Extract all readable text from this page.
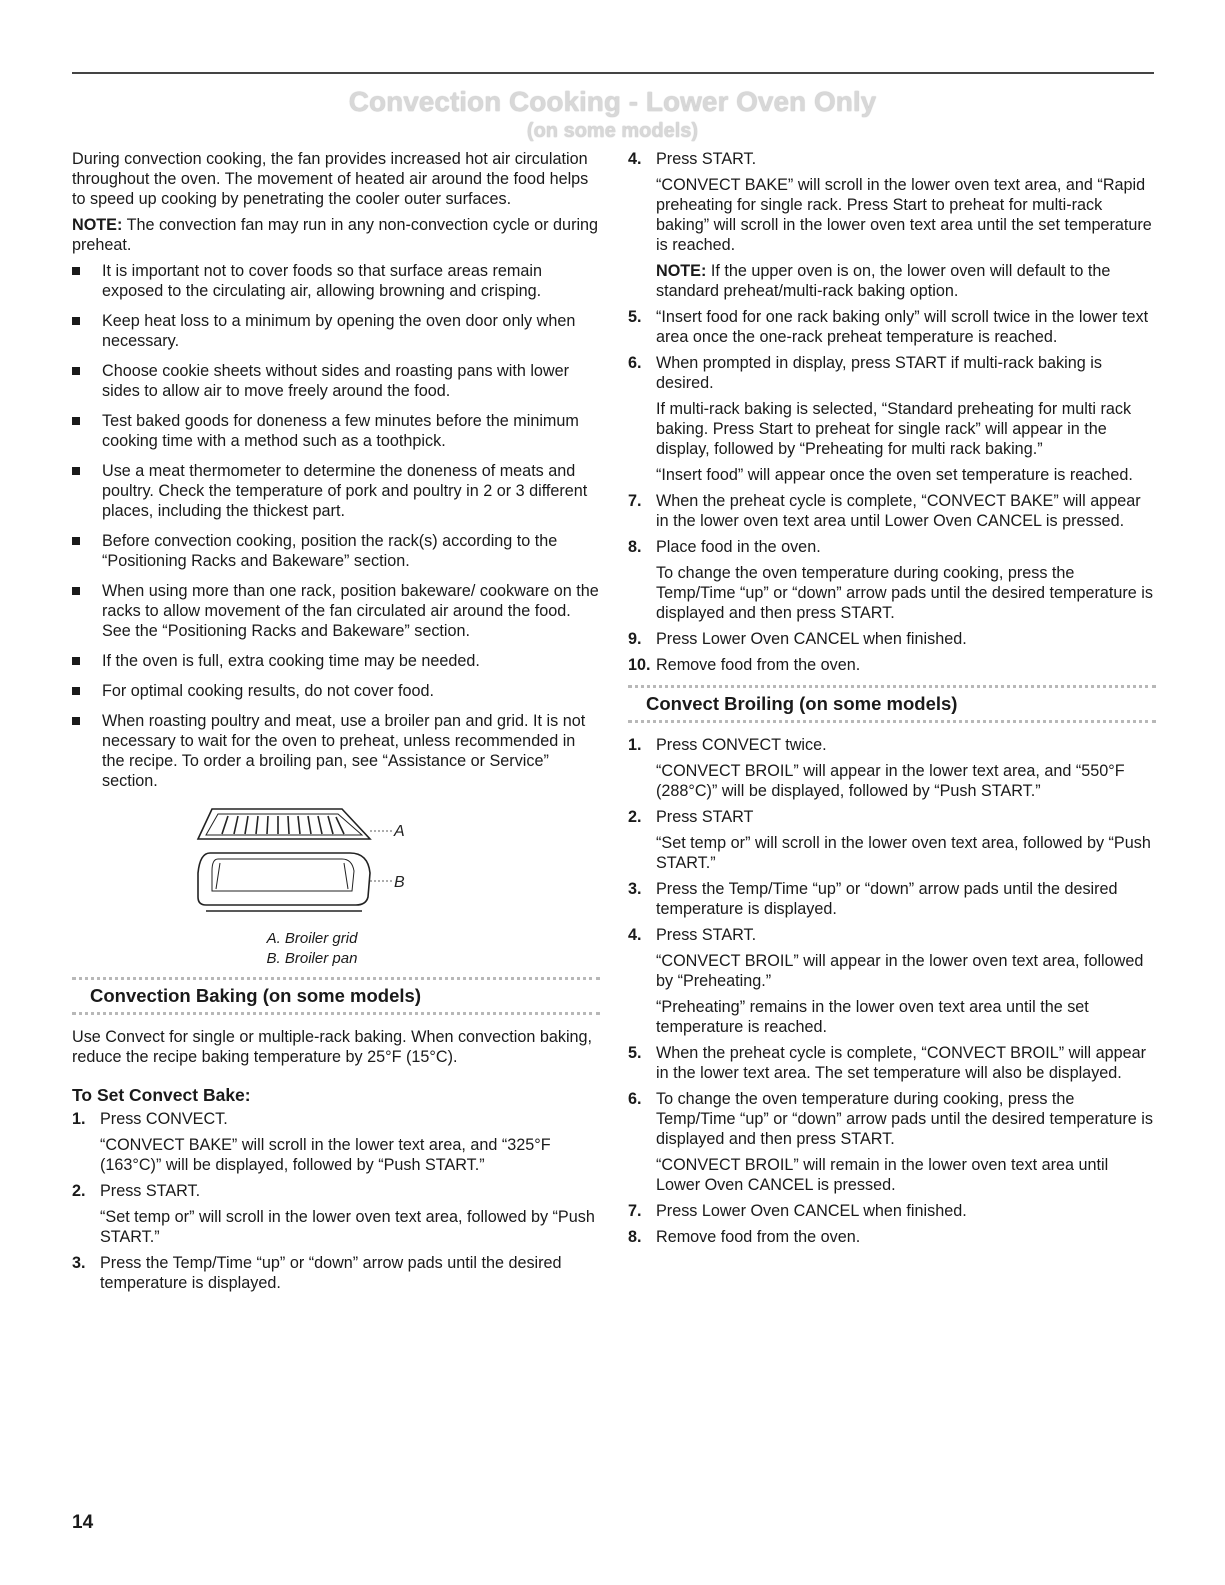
Convection Cooking - Lower Oven Only
(on some models)

During convection cooking, the fan provides increased hot air circulation throughout the oven. The movement of heated air around the food helps to speed up cooking by penetrating the cooler outer surfaces.

NOTE: The convection fan may run in any non-convection cycle or during preheat.

It is important not to cover foods so that surface areas remain exposed to the circulating air, allowing browning and crisping.
Keep heat loss to a minimum by opening the oven door only when necessary.
Choose cookie sheets without sides and roasting pans with lower sides to allow air to move freely around the food.
Test baked goods for doneness a few minutes before the minimum cooking time with a method such as a toothpick.
Use a meat thermometer to determine the doneness of meats and poultry. Check the temperature of pork and poultry in 2 or 3 different places, including the thickest part.
Before convection cooking, position the rack(s) according to the “Positioning Racks and Bakeware” section.
When using more than one rack, position bakeware/ cookware on the racks to allow movement of the fan circulated air around the food. See the “Positioning Racks and Bakeware” section.
If the oven is full, extra cooking time may be needed.
For optimal cooking results, do not cover food.
When roasting poultry and meat, use a broiler pan and grid. It is not necessary to wait for the oven to preheat, unless recommended in the recipe. To order a broiling pan, see “Assistance or Service” section.
A
B
A. Broiler grid
B. Broiler pan
Convection Baking (on some models)

Use Convect for single or multiple-rack baking. When convection baking, reduce the recipe baking temperature by 25°F (15°C).

To Set Convect Bake:
1. Press CONVECT.
“CONVECT BAKE” will scroll in the lower text area, and “325°F (163°C)” will be displayed, followed by “Push START.”
2. Press START.
“Set temp or” will scroll in the lower oven text area, followed by “Push START.”
3. Press the Temp/Time “up” or “down” arrow pads until the desired temperature is displayed.
4. Press START.
“CONVECT BAKE” will scroll in the lower oven text area, and “Rapid preheating for single rack. Press Start to preheat for multi-rack baking” will scroll in the lower oven text area until the set temperature is reached.
NOTE: If the upper oven is on, the lower oven will default to the standard preheat/multi-rack baking option.
5. “Insert food for one rack baking only” will scroll twice in the lower text area once the one-rack preheat temperature is reached.
6. When prompted in display, press START if multi-rack baking is desired.
If multi-rack baking is selected, “Standard preheating for multi rack baking. Press Start to preheat for single rack” will appear in the display, followed by “Preheating for multi rack baking.”
“Insert food” will appear once the oven set temperature is reached.
7. When the preheat cycle is complete, “CONVECT BAKE” will appear in the lower oven text area until Lower Oven CANCEL is pressed.
8. Place food in the oven.
To change the oven temperature during cooking, press the Temp/Time “up” or “down” arrow pads until the desired temperature is displayed and then press START.
9. Press Lower Oven CANCEL when finished.
10. Remove food from the oven.
Convect Broiling (on some models)
1. Press CONVECT twice.
“CONVECT BROIL” will appear in the lower text area, and “550°F (288°C)” will be displayed, followed by “Push START.”
2. Press START
“Set temp or” will scroll in the lower oven text area, followed by “Push START.”
3. Press the Temp/Time “up” or “down” arrow pads until the desired temperature is displayed.
4. Press START.
“CONVECT BROIL” will appear in the lower oven text area, followed by “Preheating.”
“Preheating” remains in the lower oven text area until the set temperature is reached.
5. When the preheat cycle is complete, “CONVECT BROIL” will appear in the lower text area. The set temperature will also be displayed.
6. To change the oven temperature during cooking, press the Temp/Time “up” or “down” arrow pads until the desired temperature is displayed and then press START.
“CONVECT BROIL” will remain in the lower oven text area until Lower Oven CANCEL is pressed.
7. Press Lower Oven CANCEL when finished.
8. Remove food from the oven.
14
